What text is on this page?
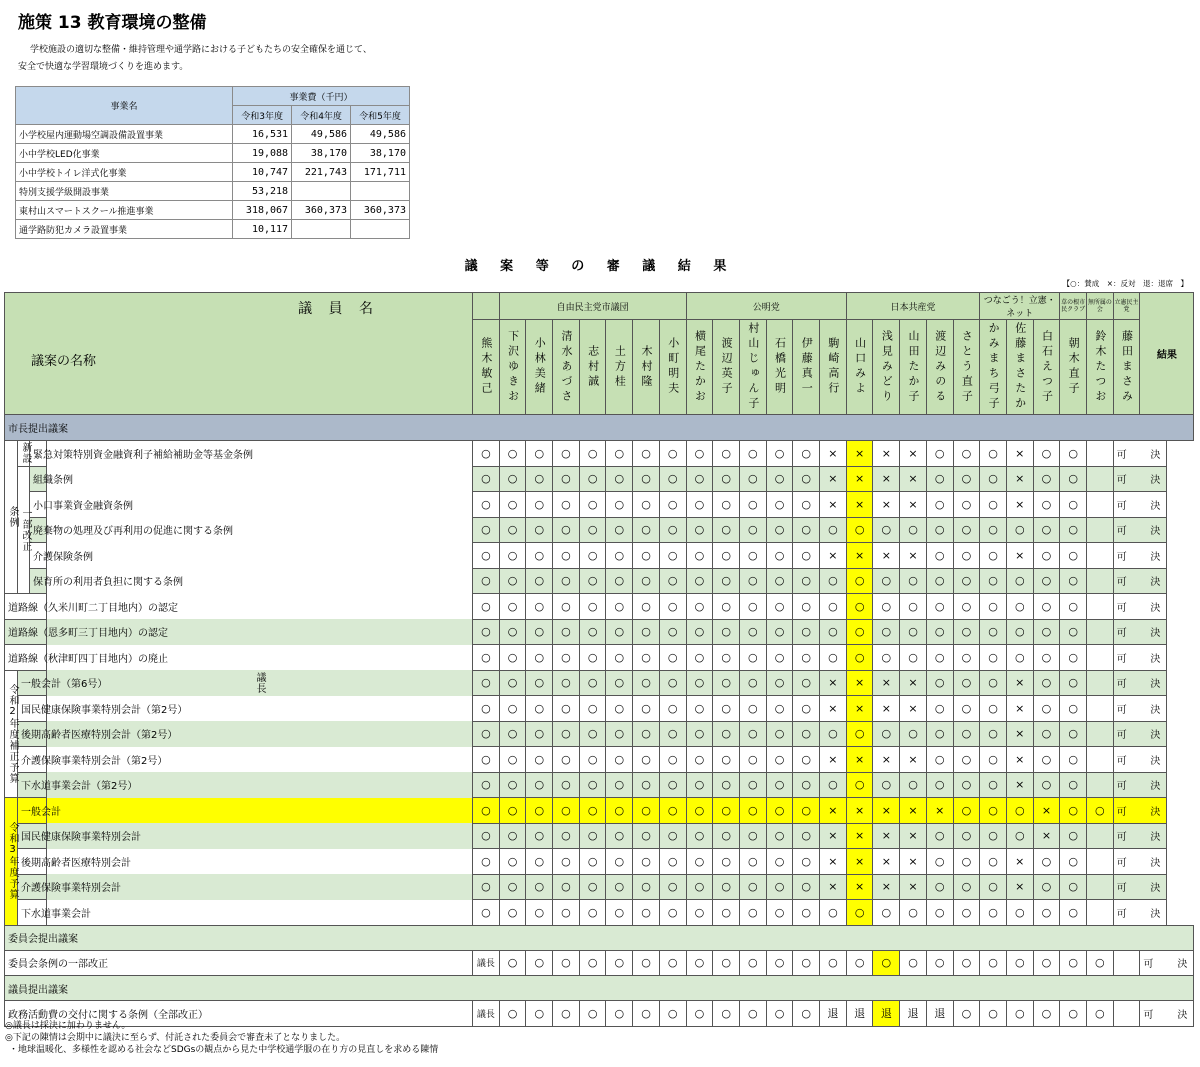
施策 13 教育環境の整備
学校施設の適切な整備・維持管理や通学路における子どもたちの安全確保を通じて、安全で快適な学習環境づくりを進めます。
事業名	事業費（千円）		
	令和3年度	令和4年度	令和5年度
小学校屋内運動場空調設備設置事業	16,531	49,586	49,586
小中学校LED化事業	19,088	38,170	38,170
小中学校トイレ洋式化事業	10,747	221,743	171,711
特別支援学級開設事業	53,218		
東村山スマートスクール推進事業	318,067	360,373	360,373
通学路防犯カメラ設置事業	10,117		
議 案 等 の 審 議 結 果
【○：賛成　×：反対　退：退席　】
議 員 名
議案の名称					自由民主党市議団							公明党						日本共産党					つなごう！立憲・ネット			草の根市民クラブ	無所属の会	立憲民主党	結果	

				熊木敏己	下沢ゆきお	小林美緒	清水あづさ	志村誠	土方桂	木村隆	小町明夫	横尾たかお	渡辺英子	村山じゅん子	石橋光明	伊藤真一	駒崎高行	山口みよ	浅見みどり	山田たか子	渡辺みのる	さとう直子	かみまち弓子	佐藤まさたか	白石えつ子	朝木直子	鈴木たつお	藤田まさみ		

市長提出議案																														

条例	新設	緊急対策特別資金融資利子補給補助金等基金条例	議長	○	○	○	○	○	○	○	○	○	○	○	○	○	×	×	×	×	○	○	○	×	○	○		可	決	

	一部改正	組織条例		○	○	○	○	○	○	○	○	○	○	○	○	○	×	×	×	×	○	○	○	×	○	○		可	決	
		小口事業資金融資条例		○	○	○	○	○	○	○	○	○	○	○	○	○	×	×	×	×	○	○	○	×	○	○		可	決	
		廃棄物の処理及び再利用の促進に関する条例		○	○	○	○	○	○	○	○	○	○	○	○	○	○	○	○	○	○	○	○	○	○	○		可	決	
		介護保険条例		○	○	○	○	○	○	○	○	○	○	○	○	○	×	×	×	×	○	○	○	×	○	○		可	決	
		保育所の利用者負担に関する条例		○	○	○	○	○	○	○	○	○	○	○	○	○	○	○	○	○	○	○	○	○	○	○		可	決	
道路線（久米川町二丁目地内）の認定				○	○	○	○	○	○	○	○	○	○	○	○	○	○	○	○	○	○	○	○	○	○	○		可	決	
道路線（恩多町三丁目地内）の認定				○	○	○	○	○	○	○	○	○	○	○	○	○	○	○	○	○	○	○	○	○	○	○		可	決	
道路線（秋津町四丁目地内）の廃止				○	○	○	○	○	○	○	○	○	○	○	○	○	○	○	○	○	○	○	○	○	○	○		可	決	

令和2年度補正予算	一般会計（第6号）			○	○	○	○	○	○	○	○	○	○	○	○	○	×	×	×	×	○	○	○	×	○	○		可	決	
	国民健康保険事業特別会計（第2号）			○	○	○	○	○	○	○	○	○	○	○	○	○	×	×	×	×	○	○	○	×	○	○		可	決	
	後期高齢者医療特別会計（第2号）			○	○	○	○	○	○	○	○	○	○	○	○	○	○	○	○	○	○	○	○	×	○	○		可	決	
	介護保険事業特別会計（第2号）			○	○	○	○	○	○	○	○	○	○	○	○	○	×	×	×	×	○	○	○	×	○	○		可	決	
	下水道事業会計（第2号）			○	○	○	○	○	○	○	○	○	○	○	○	○	○	○	○	○	○	○	○	×	○	○		可	決	

令和3年度予算	一般会計			○	○	○	○	○	○	○	○	○	○	○	○	○	×	×	×	×	×	○	○	○	×	○	○	可	決	
	国民健康保険事業特別会計			○	○	○	○	○	○	○	○	○	○	○	○	○	×	×	×	×	○	○	○	○	×	○		可	決	
	後期高齢者医療特別会計			○	○	○	○	○	○	○	○	○	○	○	○	○	×	×	×	×	○	○	○	×	○	○		可	決	
	介護保険事業特別会計			○	○	○	○	○	○	○	○	○	○	○	○	○	×	×	×	×	○	○	○	×	○	○		可	決	
	下水道事業会計			○	○	○	○	○	○	○	○	○	○	○	○	○	○	○	○	○	○	○	○	○	○	○		可	決	
委員会提出議案																														
委員会条例の一部改正				議長	○	○	○	○	○	○	○	○	○	○	○	○	○	○	○	○	○	○	○	○	○	○	○		可	決
議員提出議案																														
政務活動費の交付に関する条例（全部改正）				議長	○	○	○	○	○	○	○	○	○	○	○	○	退	退	退	退	退	○	○	○	○	○	○		可	決
◎議長は採決に加わりません。
◎下記の陳情は会期中に議決に至らず、付託された委員会で審査未了となりました。
・地球温暖化、多様性を認める社会などSDGsの観点から見た中学校通学服の在り方の見直しを求める陳情
